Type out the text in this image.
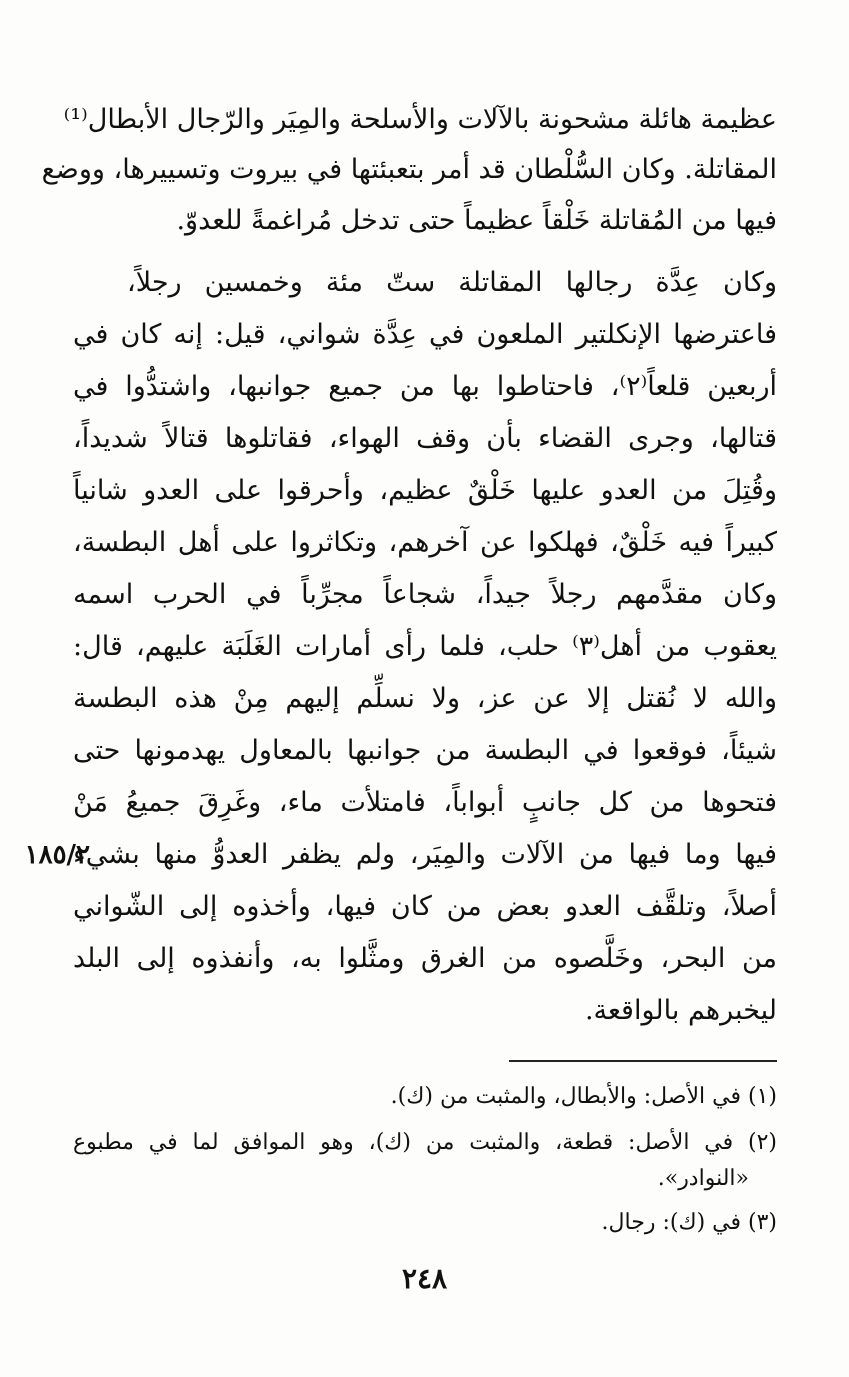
عظيمة هائلة مشحونة بالآلات والأسلحة والمِيَر والرّجال الأبطال⁽¹⁾
المقاتلة. وكان السُّلْطان قد أمر بتعبئتها في بيروت وتسييرها، ووضع
فيها من المُقاتلة خَلْقاً عظيماً حتى تدخل مُراغمةً للعدوّ.
وكان عِدَّة رجالها المقاتلة ستّ مئة وخمسين رجلاً،
فاعترضها الإنكلتير الملعون في عِدَّة شواني، قيل: إنه كان في
أربعين قلعاً⁽٢⁾، فاحتاطوا بها من جميع جوانبها، واشتدُّوا في
قتالها، وجرى القضاء بأن وقف الهواء، فقاتلوها قتالاً شديداً،
وقُتِلَ من العدو عليها خَلْقٌ عظيم، وأحرقوا على العدو شانياً
كبيراً فيه خَلْقٌ، فهلكوا عن آخرهم، وتكاثروا على أهل البطسة،
وكان مقدَّمهم رجلاً جيداً، شجاعاً مجرِّباً في الحرب اسمه
يعقوب من أهل⁽٣⁾ حلب، فلما رأى أمارات الغَلَبَة عليهم، قال:
والله لا نُقتل إلا عن عز، ولا نسلِّم إليهم مِنْ هذه البطسة
شيئاً، فوقعوا في البطسة من جوانبها بالمعاول يهدمونها حتى
فتحوها من كل جانبٍ أبواباً، فامتلأت ماء، وغَرِقَ جميعُ مَنْ
فيها وما فيها من الآلات والمِيَر، ولم يظفر العدوُّ منها بشيء
أصلاً، وتلقَّف العدو بعض من كان فيها، وأخذوه إلى الشّواني
من البحر، وخَلَّصوه من الغرق ومثَّلوا به، وأنفذوه إلى البلد
ليخبرهم بالواقعة.
١٨٥/٢
(١) في الأصل: والأبطال، والمثبت من (ك).
(٢) في الأصل: قطعة، والمثبت من (ك)، وهو الموافق لما في مطبوع
«النوادر».
(٣) في (ك): رجال.
٢٤٨
